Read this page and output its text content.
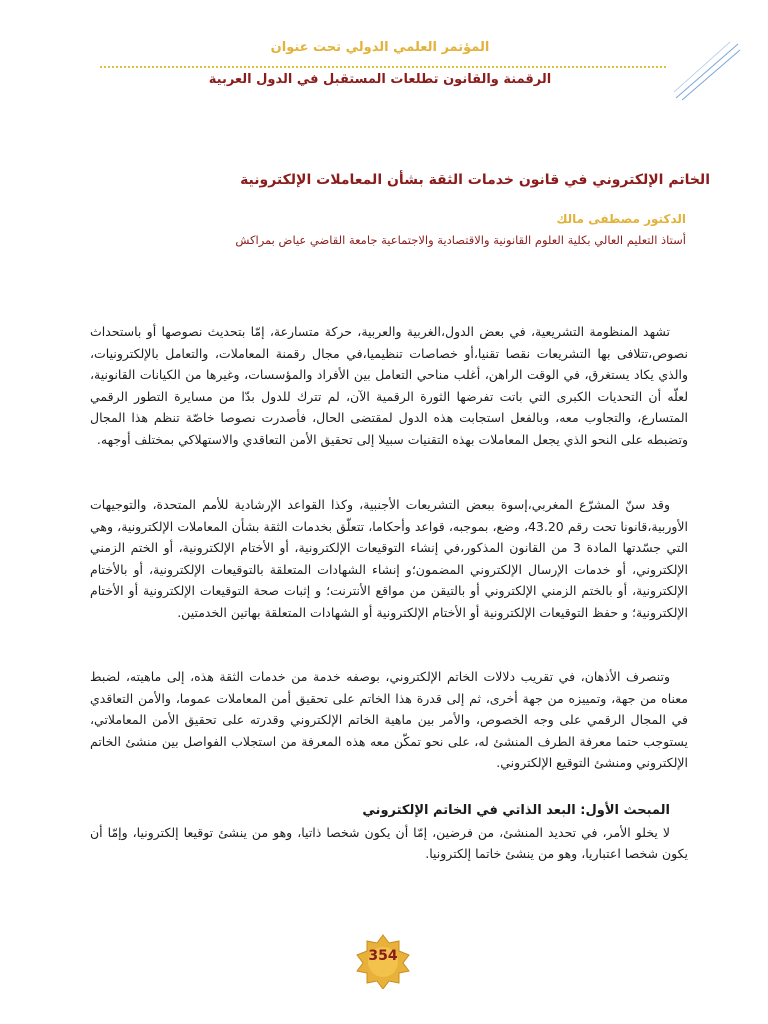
المؤتمر العلمي الدولي تحت عنوان
الرقمنة والقانون تطلعات المستقبل في الدول العربية
الخاتم الإلكتروني في قانون خدمات الثقة بشأن المعاملات الإلكترونية
الدكتور مصطفى مالك
أستاذ التعليم العالي بكلية العلوم القانونية والاقتصادية والاجتماعية جامعة القاضي عياض بمراكش

تشهد المنظومة التشريعية، في بعض الدول،الغربية والعربية، حركة متسارعة، إمّا بتحديث نصوصها أو باستحداث نصوص،تتلافى بها التشريعات نقصا تقنيا،أو خصاصات تنظيميا،في مجال رقمنة المعاملات، والتعامل بالإلكترونيات، والذي يكاد يستغرق، في الوقت الراهن، أغلب مناحي التعامل بين الأفراد والمؤسسات، وغيرها من الكيانات القانونية، لعلّه أن التحديات الكبرى التي باتت تفرضها الثورة الرقمية الآن، لم تترك للدول بدّا من مسايرة التطور الرقمي المتسارع، والتجاوب معه، وبالفعل استجابت هذه الدول لمقتضى الحال، فأصدرت نصوصا خاصّة تنظم هذا المجال وتضبطه على النحو الذي يجعل المعاملات بهذه التقنيات سبيلا إلى تحقيق الأمن التعاقدي والاستهلاكي بمختلف أوجهه.

وقد سنّ المشرّع المغربي،إسوة ببعض التشريعات الأجنبية، وكذا القواعد الإرشادية للأمم المتحدة، والتوجيهات الأوربية،قانونا تحت رقم 43.20، وضع، بموجبه، قواعد وأحكاما، تتعلّق بخدمات الثقة بشأن المعاملات الإلكترونية، وهي التي جسّدتها المادة 3 من القانون المذكور،في إنشاء التوقيعات الإلكترونية، أو الأختام الإلكترونية، أو الختم الزمني الإلكتروني، أو خدمات الإرسال الإلكتروني المضمون؛و إنشاء الشهادات المتعلقة بالتوقيعات الإلكترونية، أو بالأختام الإلكترونية، أو بالختم الزمني الإلكتروني أو بالتيقن من مواقع الأنترنت؛ و إثبات صحة التوقيعات الإلكترونية أو الأختام الإلكترونية؛ و حفظ التوقيعات الإلكترونية أو الأختام الإلكترونية أو الشهادات المتعلقة بهاتين الخدمتين.

وتنصرف الأذهان، في تقريب دلالات الخاتم الإلكتروني، بوصفه خدمة من خدمات الثقة هذه، إلى ماهيته، لضبط معناه من جهة، وتمييزه من جهة أخرى، ثم إلى قدرة هذا الخاتم على تحقيق أمن المعاملات عموما، والأمن التعاقدي في المجال الرقمي على وجه الخصوص، والأمر بين ماهية الخاتم الإلكتروني وقدرته على تحقيق الأمن المعاملاتي، يستوجب حتما معرفة الطرف المنشئ له، على نحو تمكّن معه هذه المعرفة من استجلاب الفواصل بين منشئ الخاتم الإلكتروني ومنشئ التوقيع الإلكتروني.

المبحث الأول: البعد الذاتي في الخاتم الإلكتروني

لا يخلو الأمر، في تحديد المنشئ، من فرضين، إمّا أن يكون شخصا ذاتيا، وهو من ينشئ توقيعا إلكترونيا، وإمّا أن يكون شخصا اعتباريا، وهو من ينشئ خاتما إلكترونيا.

354
